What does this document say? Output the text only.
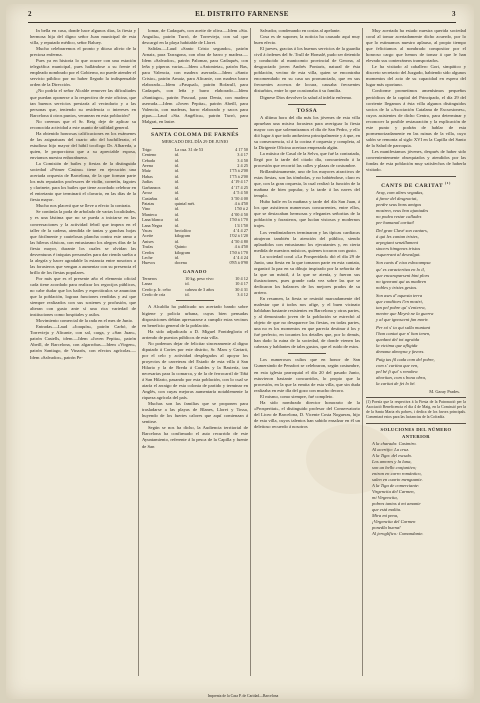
2	EL DISTRITO FARNENSE	3

In bella en casa, donde hace algunos dias, la fiesta y hermosa hija del digno señor Juan municipal de esta villa, y reputado médico, señor Baluey.

Mucho celebraremos el pronto y ditoso alivio de la preciosa enferma.

Pues ya en historia lo que ocurre con una estación telegráfica municipal, pues hallándose a su frente el empleado nombrado por el Gobierno, no puede atender el servicio público por no haber llegado la indispensable orden de la Dirección.

¿No podría el señor Alcalde remover las dificultades que puedan oponerse a la respectiva de este oficina, que tan buenos servicios prestaría al vecindario y a las personas que, teniendo su residencia o intereses en Barcelona ú otros puntos, veranean en esta población?

No creemos que el Sr. Reig deje de aplicar su reconocida actividad a este asunto de utilidad general.

Ha obtenido honrosas calificaciones en los exámenes de las asignaturas del cuarto año del bachillerato, el estudioso hijo mayor del hábil tocólogo Dr. Albareda, a quien, le proporciona que a su apreciable esposa, enviamos nuestra enhorabuena.

La Comisión de bailes y fiestas de la distinguida sociedad «Primer Casino» tiene en ejecución una acertada orquesta de Barcelona, de la que forman parte los más reputados profesores de violín, cornetín, fagotes y clarinete, para los bailes que tiene acordado celebrar en el entretanto que terminará el clavario, en las días de la fiesta mayor.

Mucho nos placerá que se lleve a efecto la contrata.

Se continúa la poda de arbolado de varias localidades, y es una lástima que no se pueda a iniciarse en las conversaciones y la actividad febril que impera en el taller de la cadena, atendida de tantas y ganchas hojas que fácilmente y cautelosas plancha contra este ramo a las hileras clásicas, con entusiasmo los alegres días de la fiesta mayor, durante los cuales se olvidan las desventuras é iniquias personales para dar rienda suelta a la alegría y hacer agradable la estancia entre nosotros a las forasteros que vengan a aumentar con su presencia el brillo de los fiestas populares.

Por más que es el presente año el elemento oficial cada tiene acordado para realizar los regocijos públicos, no cabe dudar que los bailes y espectáculos se anuncian que la población, lograra funciones rendidas y así que siempre realizados con sus sostenes y profusión, que alteran con gusto ante sí una rica variedad de instituciones como hospitales y asilos.

Movimiento comercial de la rada en el mes de Junio.

Entradas.—Laud «Joaquín», patrón Carbó, de Torrevieja y Alicante, con sal, carga, y «San Juan», patrón Castells, idem.—Idem «Joven Pepita», patrón Abeill, de Barcelona, con algarrobas.—Idem «Virgen», patrón Santiago, de Vinaròs, con efectos agrícolas.—Idem «Salvador», patrón Pe-

lomar, de Cadaqués, con aceite de oliva.—Idem «Sta. Anguila», patrón Turró, de Torrevieja, con sal que descargó en la playa habitable de Lloret.

Salidas.—Laud «Santo Cristo segundo», patrón Arnaiz, para Tarragona, con obra de barro y madera.—Idem «Salvador», patrón Palomar, para Cadaqués, con leña y piperas varias.—Idem «Antonieta», patrón Bas, para Valencia, con madera aserrada.—Idem «Santo Cristo», patrón Arnaiz, para Alicante, con madera barro elaborada.—Idem «Pasqual», patrón Bofarull, para Cadaqués, con leña y barro elaborado.—Idem «Santiago», patrón Pascual, para Denia, con madera aserrada.—Idem «Joven Pepita», patrón Abeill, para Valencia, con maderas, barro elaborado y sacos para pipas.—Laud «Sta. Angélica», patrón Turró, para Malgrat, en lastre.

SANTA COLOMA DE FARNÉS
MERCADO DEL DÍA 29 DE JUNIO
Trigo	La cua. 31 de 53	4 17 50
Centeno	id.	3 4 17
Cebada	id.	3 4 50
Avena	id.	2 4 25
Maíz	id.	1'75 á 2'00
Habas	id.	1'75 á 2'00
Judías	id.	4 '19 4 17
Garbanzos	id.	4 '17 4 25
Arroz	id.	4 '5 4 50
Castañas	id.	3 '50 4 00
Patatas	quintal mét.	4 á 4'50
Vino	id.	1'50 á 2
Manteca	id.	4 '00 4 50
Lana blanca	id.	1'50 á 1'70
Lana Negra	id.	1'4 1'50
Vacas	hectolitro	4 '4 4 27
Aceite	kilogram	1'02 á 1'20
Anises	id.	4 '50 4 80
Trufas	Quinto	4 á 4'50
Cerdos	kilogram	1'50 á 1'70
Leche	id.	4 '4 4 24
Huevos	docena	0'85 á 0'90
GANADO
Terneros	10 kg. peso vivo	10 4 12
Lanar	id.	10 4 17
Cerdo p. Ir. cebo	cabeza de 3 años	30 4 31
Cerdo de cría	id.	3 4 12

A Alcaldía ha publicado un acertado bando sobre higiene y policía urbana, cuyas bien pensadas disposiciones debían apresurarse a cumplir estas vecinos en beneficio general de la población.

Ha sido adjudicada a D. Miguel Fontdegloria el arriendo de puestos públicos de esta villa.

No podemos dejar de felicitar sinceramente al digno diputado á Cortes por este distrito, Sr. Marx y Cartará, por el celo y actividad desplegados al apoyar los proyectos de carreteras del Estado de esta villa á San Hilario y la de Breda á Cauldes y la Bastería, tan necesarias para la comarca, y de la de ferrocarril de Tiñá á San Hilario, pasando por esta población, con lo cual se ataría el arraigo de esta colonia de partido y terminar en Anglès, con cuyas mejoras aumentaría notablemente la riqueza agrícola del país.

Muchas son las familias que se proponen para trasladarse a las playas de Blanes, Lloret y Tossa, huyendo de los fuertes calores que aquí comienzan á sentirse.

Según se nos ha dicho, la Audiencia territorial de Barcelona ha confirmado el auto recurrido de este Ayuntamiento, referente á la pesca de la Capilla y fuente de San

Salvador, condenando en costas al apelante.

Cosa es de suponer, la noticia ha causado aquí muy buen efecto.

El jueves, gracias á los buenos servicios de la guardia civil á órdenes del Sr. Trull de Homalé, pudo ser detenido y conducido al manicomio provincial de Gerona, al desgraciado joven Andrés Pontaris, natural de ésta población, vecino de esta villa, quien se encontraba encomendado en su casa un pronunciado, que en sus frecuentes accesos de locura, causaba frecuentes disturbios, entre lo que ocasionaba á su familia.

Dignese Dios devolver la salud al infeliz enfermo.

TOSSA

A última hora del día más los jóvenes de esta villa aprueban una misiva forastera para averiguar la fiesta mayor con que solemnizamos el día de San Pedro, y ello dió lugar á que todo anduviera principalmente y á que, en su consecuencia, sí á la cocina é orquesta y completa, al la Dirigente Oficina acertara empezada algún.

La música de Casal de la Selva, que fué la contratada, llegó por la tarde del citado día, concurriendo á la procesión que recorrió las calles y plazas de costumbre.

Brillantísimamente, uno de los mayores atractivos de estas fiestas, son las tómbolas, y no habiéndose, claro es que, con la gran orquesta, la cual realizó la función de la mañana de bien popular, y la tarde á las naves del templo.

Hubo baile en la mañana y tarde del día San Juan, á los que asistieron numerosos concurrentes, entre ellos, que se destacaban hermosas y elegantes señoritas de la población y forasteros, que lucían vistosos y modernos trajes.

Los vendimiadores terminaron y las típicas cardiacas atrajeron también la atención del público, siendo aplaudidos con entusiasmo los ejecutantes y, en cierta medida de nuestros músicos, quienes tocaron con gusto.

La sociedad coral «La Prosperidad» dió el día 29 de Junio, una fiesta en la que tomaron parte en esta cantata, organizó la paz en su dibujo inspirado por la señorita de la que un mástil, á la que se atenía, y fueron sus ilustraciones, pues grande cada vez sobre las que se dedicaron los balances de los mejores prados de su arriero.

En resumen, la fiesta se resintió marcadamente del malestar que á todos nos afige, y el buen vicinato hablaban bastante resistentes en Barcelona y otras partes, y al demostrado joven de la población se estrechó al objeto de que no desaparece las fiestas, en todas partes, una no es los momentos en que parecía destinar á los y fué perfecto, en tocantes los detalles que, por lo demás, han dado la ruina de la sociedad, de donde vienen las cabezas y hablantes de tales gustos, que el ruido de estos.

Los numerosos cultos que en honor de San Gumersindo de Penafort se celebraron, según costumbre, en esta iglesia parroquial el día 20 del pasado Junio, estuvieron bastante concurridos, lo propio que la procesión, en la que la ermita de esta villa, que sin duda realizaba en este día del gozo con mucho decoro.

El mismo, como siempre, fué completo.

Ha sido nombrado director honorario de la «Prosperitat», el distinguido profesor del Conservatorio del Liceo de Barcelona, D. Vicente Costa Nogueras, hijo de esta villa, cuyos talentos han sabido ensalzar en él un deleitoso recuerdo á nosotros

Muy acertada ha estado nuestra querida sociedad coral al tomar acertadamente dicho acuerdo, por lo que lo estimamos nuestro aplauso, al propio tiempo que felicitamos al nombrado compositor por el honroso cargo que hemos de tomar á que le han elevado sus conterráneos transportados.

Le ha visitado al caballero Gort, simpático y discreto secretario del Juzgado, habiendo sido algunos momentos del acto de su capacidad en espera del lugar más oportuno.

Conforme prometimos amenísimos pequeños periódicos de la capital del Principado, el día 29 del corriente llegamos á ésta villa algunos distinguidos socios de la «Asociación Catalana de Excursiones», cuyos asistentes de dicho Centro, para determinar y reconocer la posible restauración y la explicación de este punto y podrán de hablar de esta pormenorizadamente en las ruinas de la villa, cuyo salón se remonta al siglo XVI en la Capilla del Santo de la Salud de parroquia.

Les manifestamos jóvenes, después de haber sido convenientemente obsequiados y atendidos por las fondas de esta población muy satisfechos de haberla visitado.

CANTS DE CARITAT $^{(1)}$
Aruy, com altres vegadas,
á favor del desgraciat,
perdre seus bons amigos
mostren, veus bon ajuntades
no podeu restar callades
per humanal caritat!

Del gran Clavé son cantars,
á qui les cantan tristes,
arpegiant senzillament
sincers himgenes tristos
esquerrant al desvalgut.

Son cants d' eixa esbocampsa
qu' es caracteritza en lo il,
que encaraparsent bint plors
no ignorant qui us madiren
nobles y tristes gestos.

Son ases d' aquesta terra
que conditors l'en mostri,
tan pel pobre qu' s'enterra,
mentre que Meyrà ne la guerra
y al que ignoscent fan morir.

Per xó s' ta qui sulla muntant
l'han cantat que n' han tenen,
quedant del tot agraïda
la victima que afligida
demana almoyna y favors.

Puig tas fil cada com del pobre,
com s' curtina que ven,
pel bé fi qui' s renobra
ahoritan, com s bona obra,
la caritat de fet lo bé.
M. Garay Prades.
(1) Poesía que la respectiva á la Fiesta de la Patronació per la Asociació Beneficencia el dia 4 de Maig, en la Comissió per la de la Santa Maria els pobres, i dedica de los favors principals. Comentará estos para las lactancias de la Cofradía.
SOLUCIONES DEL NÚMERO ANTERIOR
A la charada: Casimiro.
Al acertijo: La cruz.
A la Tiga: del escudo.
Los amores y la luna,
son un bello conjuntivo;
entran en carro romántico,
salen en cuarto menguante.
A la Tiga de comerciante:
Virgencita del Carmen,
mi Virgencita,
pobres tantos á mi amante
que está malita.
Mira mi pena,
¡Virgencita del Carmen
ponedla buena!
Al jeroglífico: Comandante.
Imprenta de la Casa P. de Caridad—Barcelona
